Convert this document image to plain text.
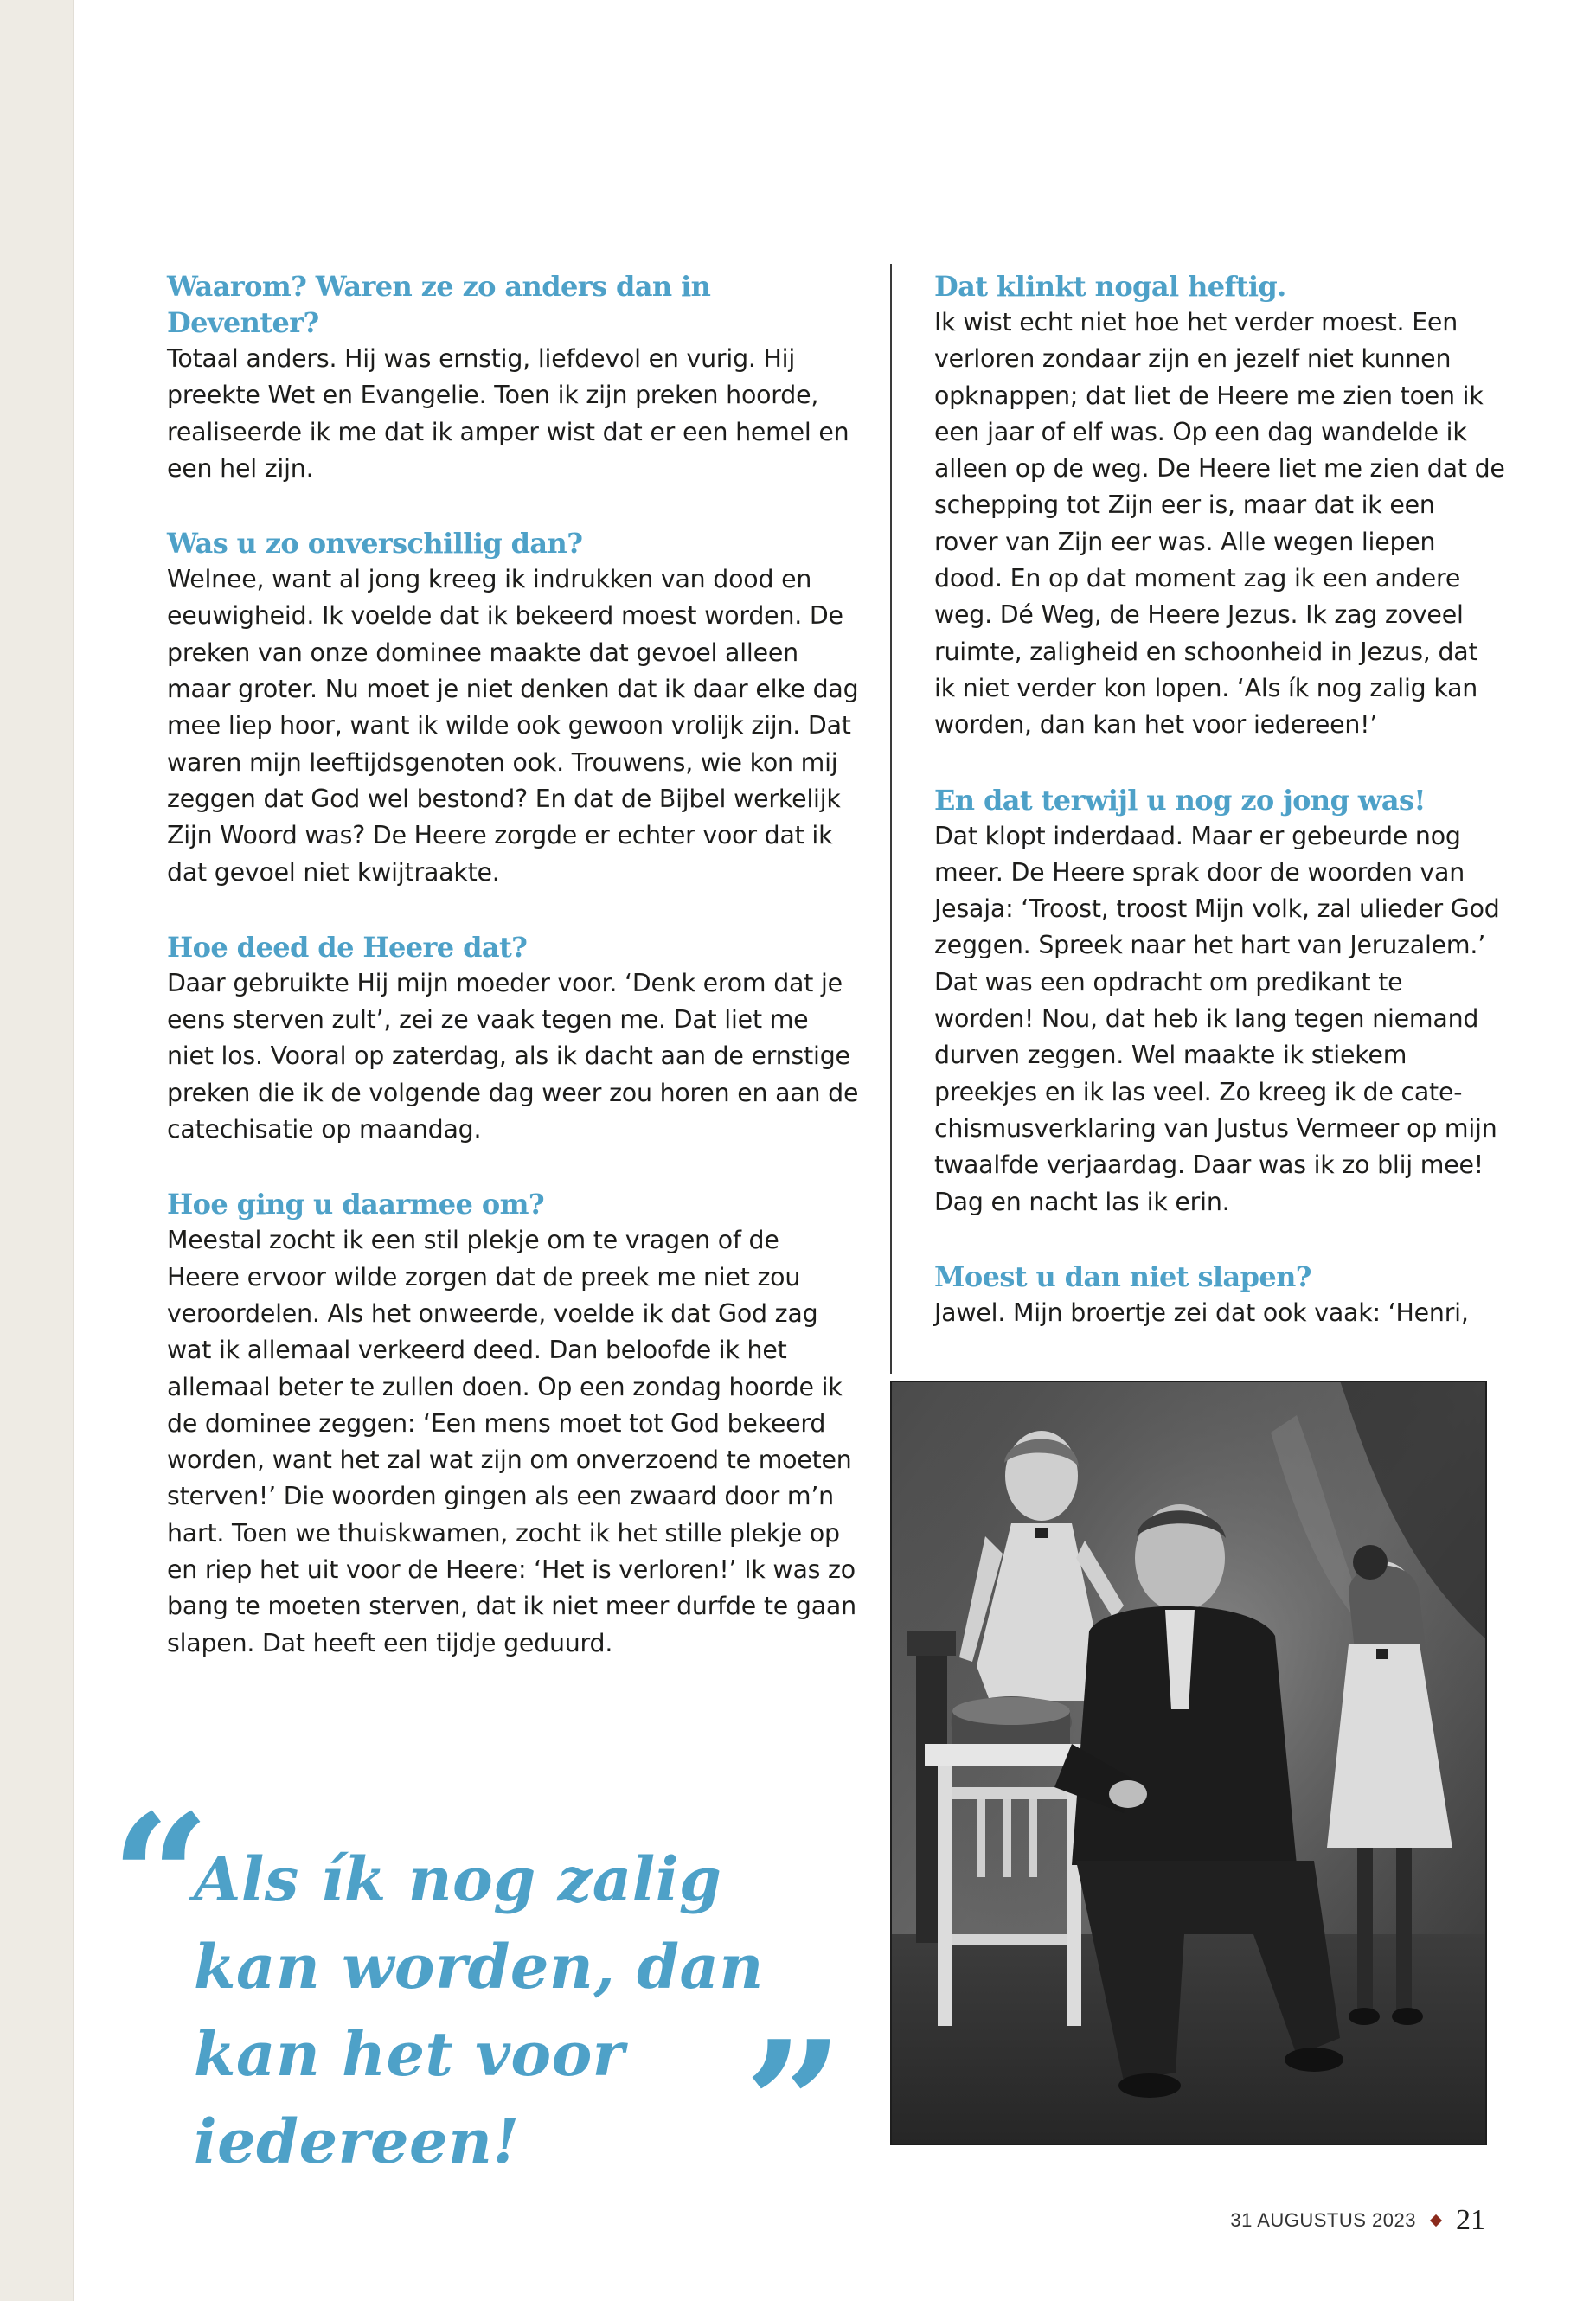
Waarom? Waren ze zo anders dan in Deventer?

Totaal anders. Hij was ernstig, liefdevol en vurig. Hij preekte Wet en Evangelie. Toen ik zijn preken hoorde, realiseerde ik me dat ik amper wist dat er een hemel en een hel zijn.

Was u zo onverschillig dan?

Welnee, want al jong kreeg ik indrukken van dood en eeuwigheid. Ik voelde dat ik bekeerd moest worden. De preken van onze dominee maakte dat gevoel alleen maar groter. Nu moet je niet denken dat ik daar elke dag mee liep hoor, want ik wilde ook gewoon vrolijk zijn. Dat waren mijn leeftijdsgenoten ook. Trouwens, wie kon mij zeggen dat God wel bestond? En dat de Bijbel werkelijk Zijn Woord was? De Heere zorgde er echter voor dat ik dat gevoel niet kwijtraakte.

Hoe deed de Heere dat?

Daar gebruikte Hij mijn moeder voor. ‘Denk erom dat je eens sterven zult’, zei ze vaak tegen me. Dat liet me niet los. Vooral op zaterdag, als ik dacht aan de ernstige preken die ik de volgende dag weer zou horen en aan de catechisatie op maandag.

Hoe ging u daarmee om?

Meestal zocht ik een stil plekje om te vragen of de Heere ervoor wilde zorgen dat de preek me niet zou veroordelen. Als het onweerde, voelde ik dat God zag wat ik allemaal verkeerd deed. Dan beloofde ik het allemaal beter te zullen doen. Op een zondag hoorde ik de dominee zeggen: ‘Een mens moet tot God bekeerd worden, want het zal wat zijn om onverzoend te moeten sterven!’ Die woorden gingen als een zwaard door m’n hart. Toen we thuiskwamen, zocht ik het stille plekje op en riep het uit voor de Heere: ‘Het is verloren!’ Ik was zo bang te moeten sterven, dat ik niet meer durfde te gaan slapen. Dat heeft een tijdje geduurd.

Dat klinkt nogal heftig.

Ik wist echt niet hoe het verder moest. Een verloren zondaar zijn en jezelf niet kunnen opknappen; dat liet de Heere me zien toen ik een jaar of elf was. Op een dag wandelde ik alleen op de weg. De Heere liet me zien dat de schepping tot Zijn eer is, maar dat ik een rover van Zijn eer was. Alle wegen liepen dood. En op dat moment zag ik een andere weg. Dé Weg, de Heere Jezus. Ik zag zoveel ruimte, zaligheid en schoonheid in Jezus, dat ik niet verder kon lopen. ‘Als ík nog zalig kan worden, dan kan het voor iedereen!’

En dat terwijl u nog zo jong was!

Dat klopt inderdaad. Maar er gebeurde nog meer. De Heere sprak door de woorden van Jesaja: ‘Troost, troost Mijn volk, zal ulieder God zeggen. Spreek naar het hart van Jeruzalem.’ Dat was een opdracht om predikant te worden! Nou, dat heb ik lang tegen niemand durven zeggen. Wel maakte ik stiekem preekjes en ik las veel. Zo kreeg ik de catechismusverklaring van Justus Vermeer op mijn twaalfde verjaardag. Daar was ik zo blij mee! Dag en nacht las ik erin.

Moest u dan niet slapen?

Jawel. Mijn broertje zei dat ook vaak: ‘Henri,

“

Als ík nog zalig kan worden, dan kan het voor iedereen!	”
31 AUGUSTUS 2023 21
